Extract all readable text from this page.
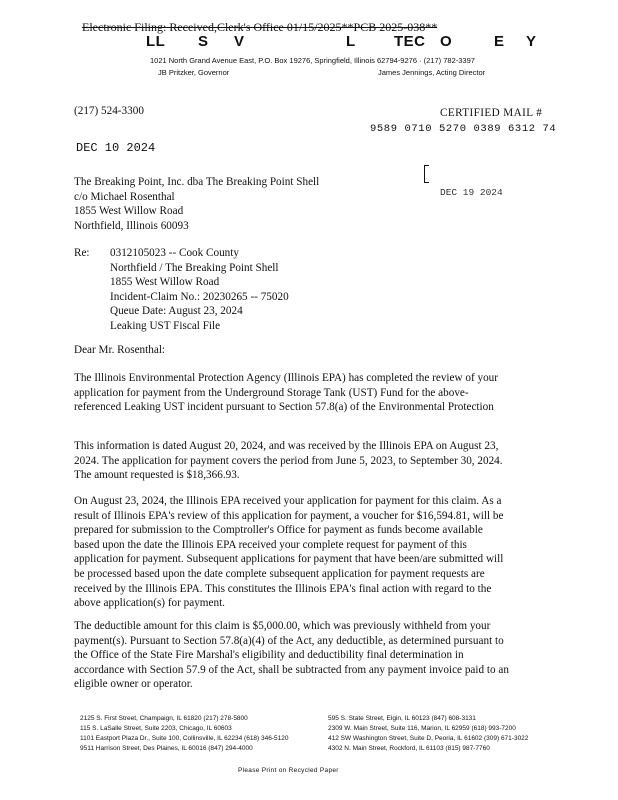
Electronic Filing: Received,Clerk's Office 01/15/2025**PCB 2025-038**
LL S V	L	TEC O	E Y
1021 North Grand Avenue East, P.O. Box 19276, Springfield, Illinois 62794-9276 · (217) 782-3397
JB Pritzker, Governor	James Jennings, Acting Director
(217) 524-3300	CERTIFIED MAIL #
9589 0710 5270 0389 6312 74
DEC 10 2024
DEC 19 2024
The Breaking Point, Inc. dba The Breaking Point Shell
c/o Michael Rosenthal
1855 West Willow Road
Northfield, Illinois 60093
Re: 0312105023 -- Cook County
Northfield / The Breaking Point Shell
1855 West Willow Road
Incident-Claim No.: 20230265 -- 75020
Queue Date: August 23, 2024
Leaking UST Fiscal File
Dear Mr. Rosenthal:
The Illinois Environmental Protection Agency (Illinois EPA) has completed the review of your
application for payment from the Underground Storage Tank (UST) Fund for the above-
referenced Leaking UST incident pursuant to Section 57.8(a) of the Environmental Protection
This information is dated August 20, 2024, and was received by the Illinois EPA on August 23,
2024. The application for payment covers the period from June 5, 2023, to September 30, 2024.
The amount requested is $18,366.93.
On August 23, 2024, the Illinois EPA received your application for payment for this claim. As a
result of Illinois EPA's review of this application for payment, a voucher for $16,594.81, will be
prepared for submission to the Comptroller's Office for payment as funds become available
based upon the date the Illinois EPA received your complete request for payment of this
application for payment. Subsequent applications for payment that have been/are submitted will
be processed based upon the date complete subsequent application for payment requests are
received by the Illinois EPA. This constitutes the Illinois EPA's final action with regard to the
above application(s) for payment.
The deductible amount for this claim is $5,000.00, which was previously withheld from your
payment(s). Pursuant to Section 57.8(a)(4) of the Act, any deductible, as determined pursuant to
the Office of the State Fire Marshal's eligibility and deductibility final determination in
accordance with Section 57.9 of the Act, shall be subtracted from any payment invoice paid to an
eligible owner or operator.
2125 S. First Street, Champaign, IL 61820 (217) 278-5800
115 S. LaSalle Street, Suite 2203, Chicago, IL 60603
1101 Eastport Plaza Dr., Suite 100, Collinsville, IL 62234 (618) 346-5120
9511 Harrison Street, Des Plaines, IL 60016 (847) 294-4000
595 S. State Street, Elgin, IL 60123 (847) 608-3131
2309 W. Main Street, Suite 116, Marion, IL 62959 (618) 993-7200
412 SW Washington Street, Suite D, Peoria, IL 61602 (309) 671-3022
4302 N. Main Street, Rockford, IL 61103 (815) 987-7760
Please Print on Recycled Paper
